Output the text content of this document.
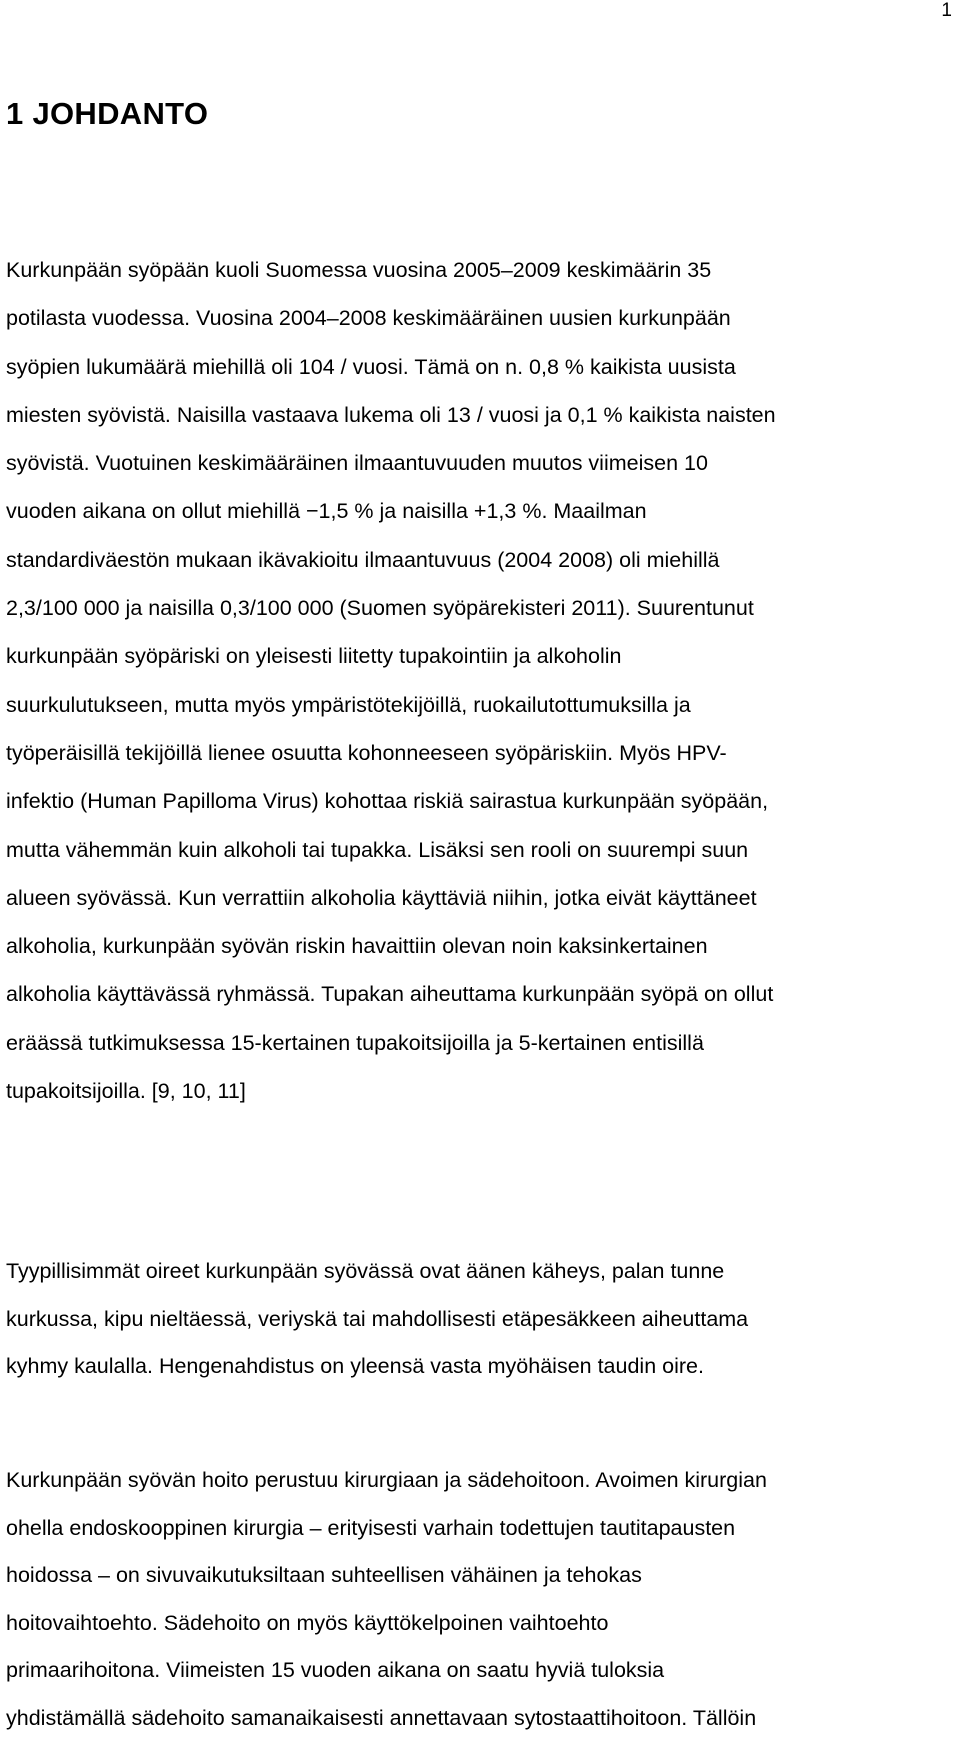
1
1 JOHDANTO
Kurkunpään syöpään kuoli Suomessa vuosina 2005–2009 keskimäärin 35
potilasta vuodessa. Vuosina 2004–2008 keskimääräinen uusien kurkunpään
syöpien lukumäärä miehillä oli 104 / vuosi. Tämä on n. 0,8 % kaikista uusista
miesten syövistä. Naisilla vastaava lukema oli 13 / vuosi ja 0,1 % kaikista naisten
syövistä. Vuotuinen keskimääräinen ilmaantuvuuden muutos viimeisen 10
vuoden aikana on ollut miehillä −1,5 % ja naisilla +1,3 %. Maailman
standardiväestön mukaan ikävakioitu ilmaantuvuus (2004 2008) oli miehillä
2,3/100 000 ja naisilla 0,3/100 000 (Suomen syöpärekisteri 2011). Suurentunut
kurkunpään syöpäriski on yleisesti liitetty tupakointiin ja alkoholin
suurkulutukseen, mutta myös ympäristötekijöillä, ruokailutottumuksilla ja
työperäisillä tekijöillä lienee osuutta kohonneeseen syöpäriskiin. Myös HPV-
infektio (Human Papilloma Virus) kohottaa riskiä sairastua kurkunpään syöpään,
mutta vähemmän kuin alkoholi tai tupakka. Lisäksi sen rooli on suurempi suun
alueen syövässä. Kun verrattiin alkoholia käyttäviä niihin, jotka eivät käyttäneet
alkoholia, kurkunpään syövän riskin havaittiin olevan noin kaksinkertainen
alkoholia käyttävässä ryhmässä. Tupakan aiheuttama kurkunpään syöpä on ollut
eräässä tutkimuksessa 15-kertainen tupakoitsijoilla ja 5-kertainen entisillä
tupakoitsijoilla. [9, 10, 11]
Tyypillisimmät oireet kurkunpään syövässä ovat äänen käheys, palan tunne
kurkussa, kipu nieltäessä, veriyskä tai mahdollisesti etäpesäkkeen aiheuttama
kyhmy kaulalla. Hengenahdistus on yleensä vasta myöhäisen taudin oire.
Kurkunpään syövän hoito perustuu kirurgiaan ja sädehoitoon. Avoimen kirurgian
ohella endoskooppinen kirurgia – erityisesti varhain todettujen tautitapausten
hoidossa – on sivuvaikutuksiltaan suhteellisen vähäinen ja tehokas
hoitovaihtoehto. Sädehoito on myös käyttökelpoinen vaihtoehto
primaarihoitona. Viimeisten 15 vuoden aikana on saatu hyviä tuloksia
yhdistämällä sädehoito samanaikaisesti annettavaan sytostaattihoitoon. Tällöin
